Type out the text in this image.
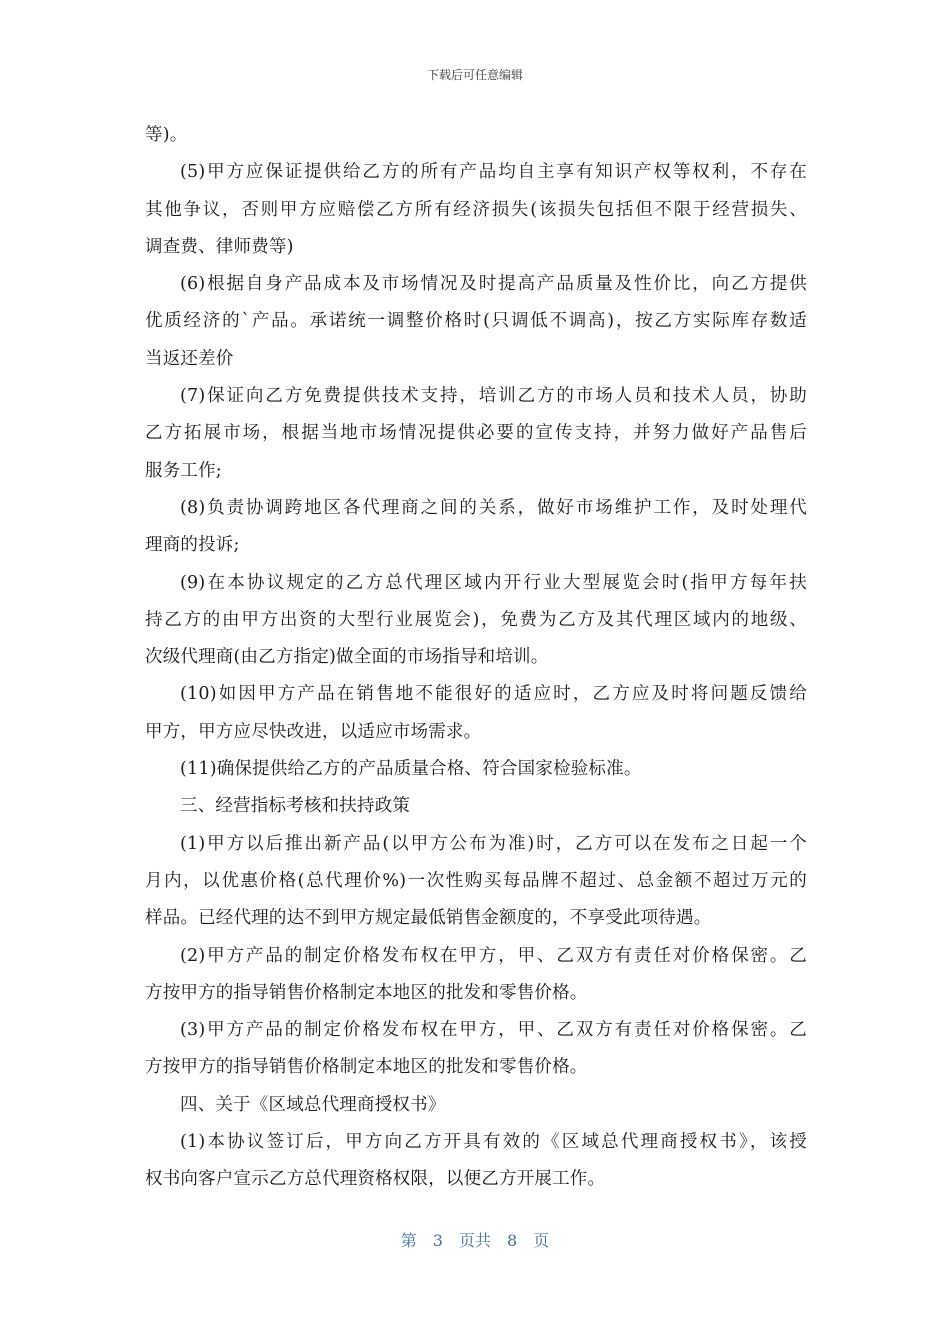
下载后可任意编辑
等)。
(5)甲方应保证提供给乙方的所有产品均自主享有知识产权等权利，不存在
其他争议，否则甲方应赔偿乙方所有经济损失(该损失包括但不限于经营损失、
调查费、律师费等)
(6)根据自身产品成本及市场情况及时提高产品质量及性价比，向乙方提供
优质经济的`产品。承诺统一调整价格时(只调低不调高)，按乙方实际库存数适
当返还差价
(7)保证向乙方免费提供技术支持，培训乙方的市场人员和技术人员，协助
乙方拓展市场，根据当地市场情况提供必要的宣传支持，并努力做好产品售后
服务工作;
(8)负责协调跨地区各代理商之间的关系，做好市场维护工作，及时处理代
理商的投诉;
(9)在本协议规定的乙方总代理区域内开行业大型展览会时(指甲方每年扶
持乙方的由甲方出资的大型行业展览会)，免费为乙方及其代理区域内的地级、
次级代理商(由乙方指定)做全面的市场指导和培训。
(10)如因甲方产品在销售地不能很好的适应时，乙方应及时将问题反馈给
甲方，甲方应尽快改进，以适应市场需求。
(11)确保提供给乙方的产品质量合格、符合国家检验标准。
三、经营指标考核和扶持政策
(1)甲方以后推出新产品(以甲方公布为准)时，乙方可以在发布之日起一个
月内，以优惠价格(总代理价%)一次性购买每品牌不超过、总金额不超过万元的
样品。已经代理的达不到甲方规定最低销售金额度的，不享受此项待遇。
(2)甲方产品的制定价格发布权在甲方，甲、乙双方有责任对价格保密。乙
方按甲方的指导销售价格制定本地区的批发和零售价格。
(3)甲方产品的制定价格发布权在甲方，甲、乙双方有责任对价格保密。乙
方按甲方的指导销售价格制定本地区的批发和零售价格。
四、关于《区域总代理商授权书》
(1)本协议签订后，甲方向乙方开具有效的《区域总代理商授权书》，该授
权书向客户宣示乙方总代理资格权限，以便乙方开展工作。
第 3 页共 8 页
